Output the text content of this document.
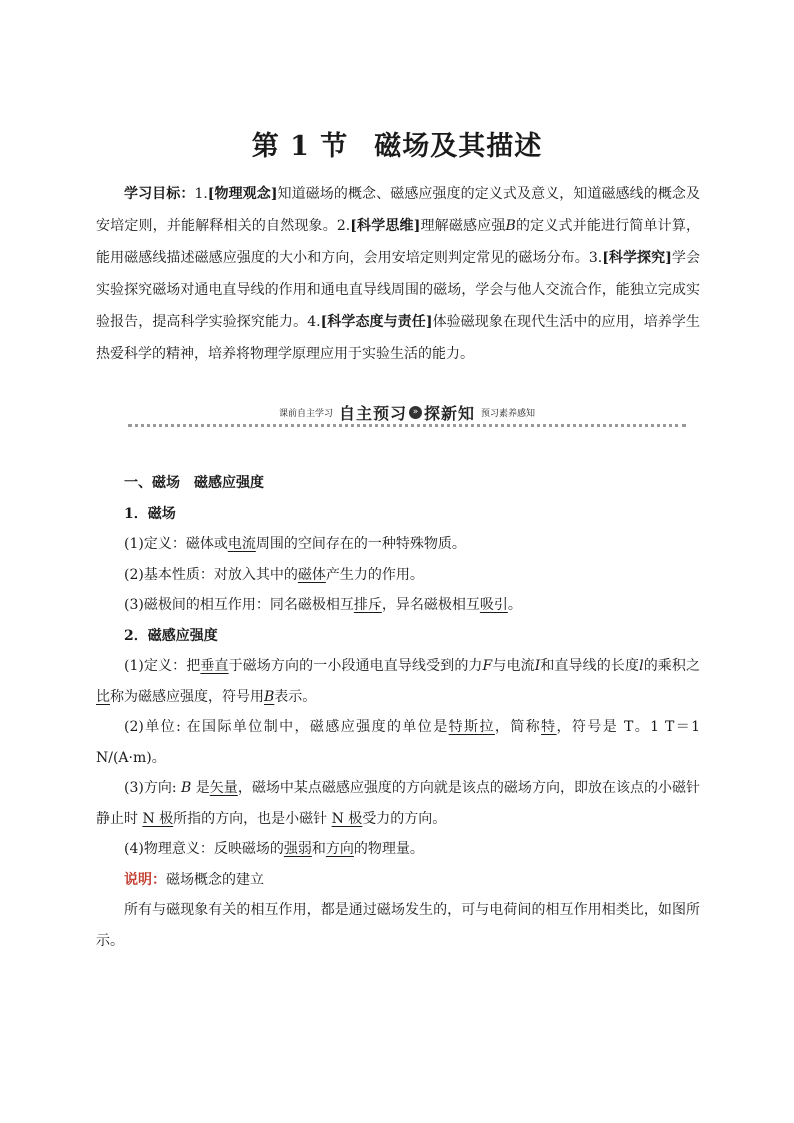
第 1 节 磁场及其描述
学习目标：1.[物理观念]知道磁场的概念、磁感应强度的定义式及意义，知道磁感线的概念及安培定则，并能解释相关的自然现象。2.[科学思维]理解磁感应强B的定义式并能进行简单计算，能用磁感线描述磁感应强度的大小和方向，会用安培定则判定常见的磁场分布。3.[科学探究]学会实验探究磁场对通电直导线的作用和通电直导线周围的磁场，学会与他人交流合作，能独立完成实验报告，提高科学实验探究能力。4.[科学态度与责任]体验磁现象在现代生活中的应用，培养学生热爱科学的精神，培养将物理学原理应用于实验生活的能力。
课前自主学习 自主预习 » 探新知 预习素养感知

一、磁场　磁感应强度

1．磁场

(1)定义：磁体或电流周围的空间存在的一种特殊物质。

(2)基本性质：对放入其中的磁体产生力的作用。

(3)磁极间的相互作用：同名磁极相互排斥，异名磁极相互吸引。

2．磁感应强度

(1)定义：把垂直于磁场方向的一小段通电直导线受到的力F与电流I和直导线的长度l的乘积之比称为磁感应强度，符号用B表示。

(2)单位: 在国际单位制中，磁感应强度的单位是特斯拉，简称特，符号是 T。1 T＝1 N/(A·m)。

(3)方向: B 是矢量，磁场中某点磁感应强度的方向就是该点的磁场方向，即放在该点的小磁针静止时 N 极所指的方向，也是小磁针 N 极受力的方向。

(4)物理意义：反映磁场的强弱和方向的物理量。

说明：磁场概念的建立

所有与磁现象有关的相互作用，都是通过磁场发生的，可与电荷间的相互作用相类比，如图所示。
